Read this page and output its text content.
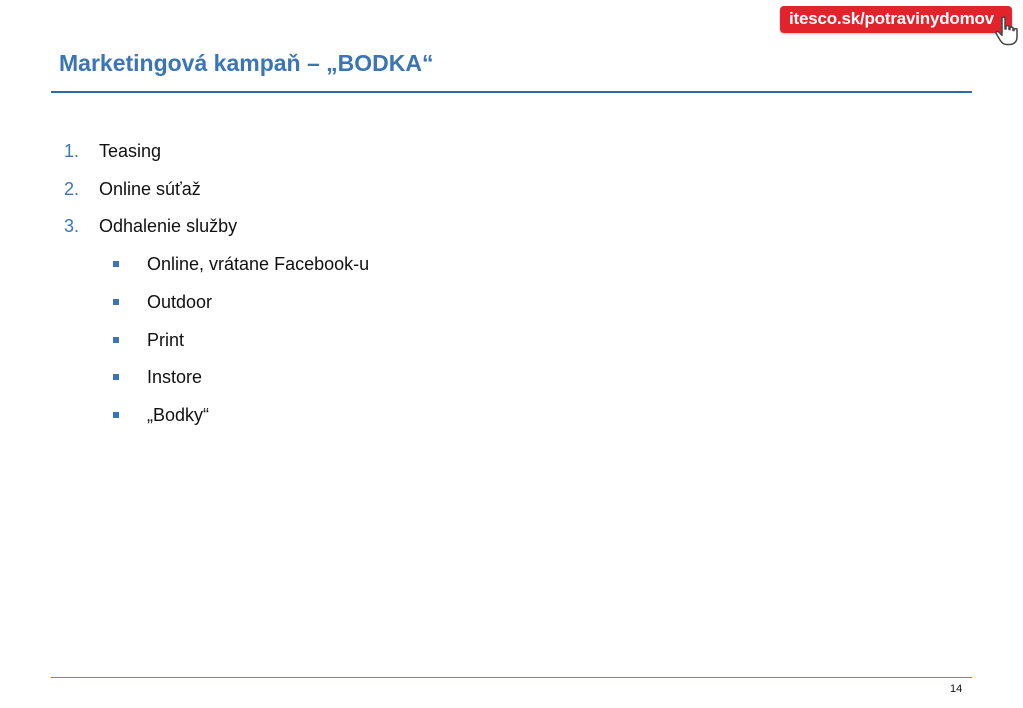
itesco.sk/potravinydomov
Marketingová kampaň – „BODKA“
1. Teasing
2. Online súťaž
3. Odhalenie služby
Online, vrátane Facebook-u
Outdoor
Print
Instore
„Bodky“
14
